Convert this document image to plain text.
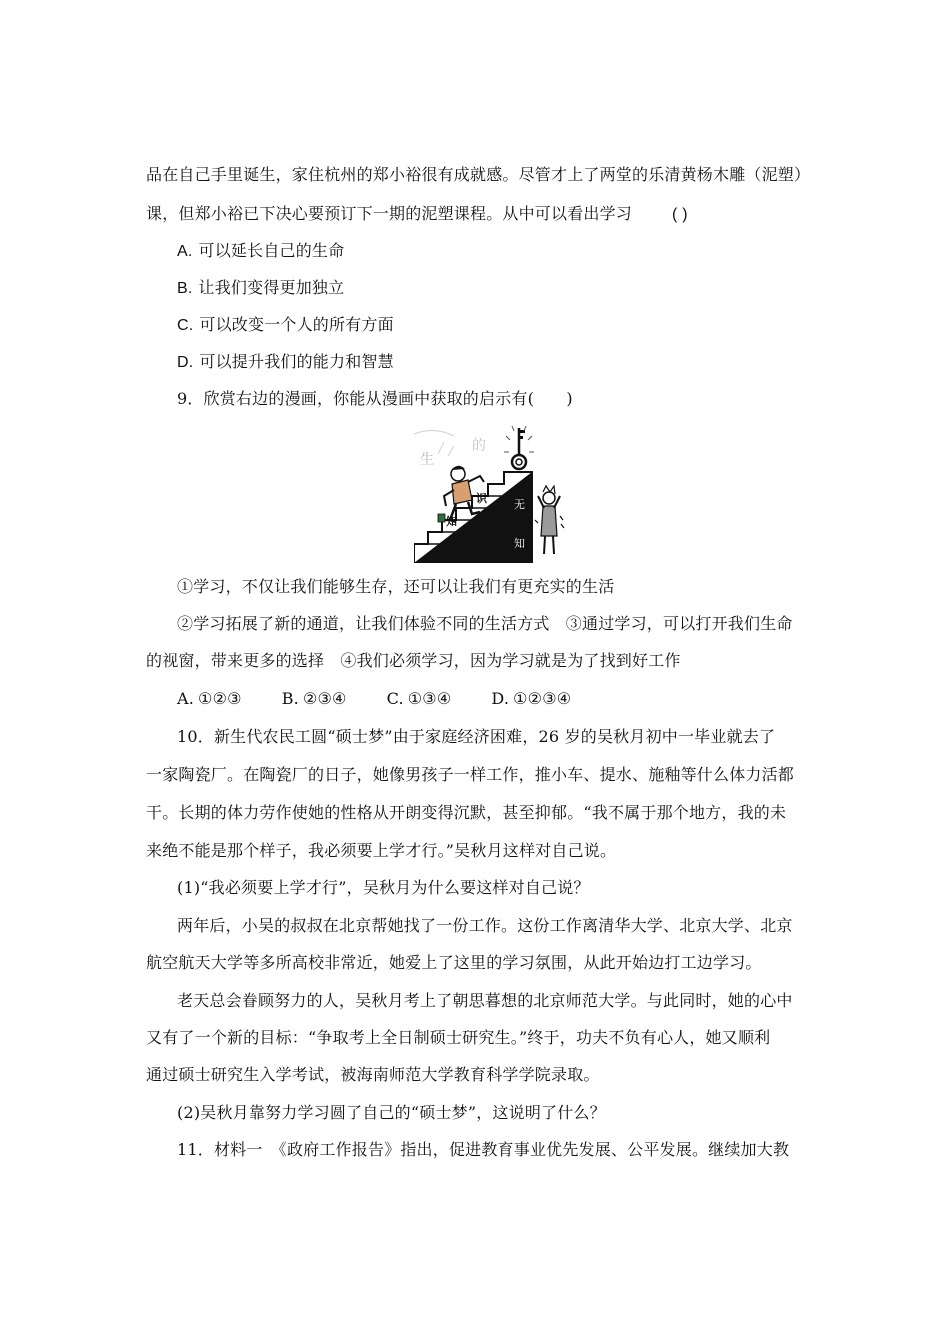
品在自己手里诞生，家住杭州的郑小裕很有成就感。尽管才上了两堂的乐清黄杨木雕（泥塑）
课，但郑小裕已下决心要预订下一期的泥塑课程。从中可以看出学习	( )
A. 可以延长自己的生命
B. 让我们变得更加独立
C. 可以改变一个人的所有方面
D. 可以提升我们的能力和智慧
9．欣赏右边的漫画，你能从漫画中获取的启示有(　　)
生
的
知
识 无
知
①学习，不仅让我们能够生存，还可以让我们有更充实的生活
②学习拓展了新的通道，让我们体验不同的生活方式　③通过学习，可以打开我们生命
的视窗，带来更多的选择　④我们必须学习，因为学习就是为了找到好工作
A. ①②③	B. ②③④	C. ①③④	D. ①②③④
10．新生代农民工圆“硕士梦”由于家庭经济困难，26 岁的吴秋月初中一毕业就去了
一家陶瓷厂。在陶瓷厂的日子，她像男孩子一样工作，推小车、提水、施釉等什么体力活都
干。长期的体力劳作使她的性格从开朗变得沉默，甚至抑郁。“我不属于那个地方，我的未
来绝不能是那个样子，我必须要上学才行。”吴秋月这样对自己说。
(1)“我必须要上学才行”，吴秋月为什么要这样对自己说？
两年后，小吴的叔叔在北京帮她找了一份工作。这份工作离清华大学、北京大学、北京
航空航天大学等多所高校非常近，她爱上了这里的学习氛围，从此开始边打工边学习。
老天总会眷顾努力的人，吴秋月考上了朝思暮想的北京师范大学。与此同时，她的心中
又有了一个新的目标：“争取考上全日制硕士研究生。”终于，功夫不负有心人，她又顺利
通过硕士研究生入学考试，被海南师范大学教育科学学院录取。
(2)吴秋月靠努力学习圆了自己的“硕士梦”，这说明了什么？
11．材料一　《政府工作报告》指出，促进教育事业优先发展、公平发展。继续加大教
